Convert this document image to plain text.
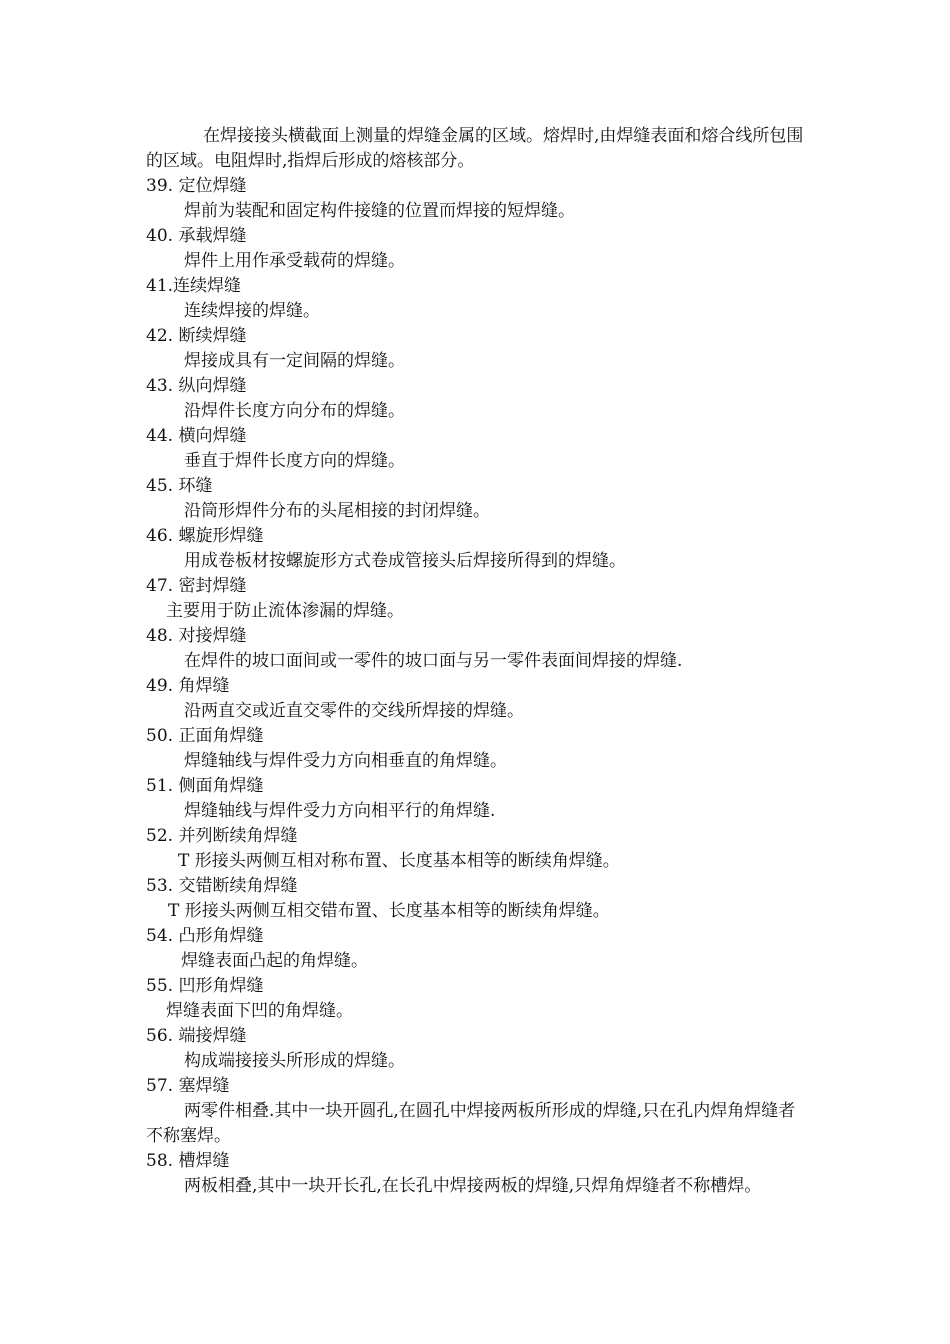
在焊接接头横截面上测量的焊缝金属的区域。熔焊时,由焊缝表面和熔合线所包围的区域。电阻焊时,指焊后形成的熔核部分。
39. 定位焊缝
焊前为装配和固定构件接缝的位置而焊接的短焊缝。
40. 承载焊缝
焊件上用作承受载荷的焊缝。
41.连续焊缝
连续焊接的焊缝。
42. 断续焊缝
焊接成具有一定间隔的焊缝。
43. 纵向焊缝
沿焊件长度方向分布的焊缝。
44. 横向焊缝
垂直于焊件长度方向的焊缝。
45. 环缝
沿筒形焊件分布的头尾相接的封闭焊缝。
46. 螺旋形焊缝
用成卷板材按螺旋形方式卷成管接头后焊接所得到的焊缝。
47. 密封焊缝
主要用于防止流体渗漏的焊缝。
48. 对接焊缝
在焊件的坡口面间或一零件的坡口面与另一零件表面间焊接的焊缝.
49. 角焊缝
沿两直交或近直交零件的交线所焊接的焊缝。
50. 正面角焊缝
焊缝轴线与焊件受力方向相垂直的角焊缝。
51. 侧面角焊缝
焊缝轴线与焊件受力方向相平行的角焊缝.
52. 并列断续角焊缝
T 形接头两侧互相对称布置、长度基本相等的断续角焊缝。
53. 交错断续角焊缝
T 形接头两侧互相交错布置、长度基本相等的断续角焊缝。
54. 凸形角焊缝
焊缝表面凸起的角焊缝。
55. 凹形角焊缝
焊缝表面下凹的角焊缝。
56. 端接焊缝
构成端接接头所形成的焊缝。
57. 塞焊缝
两零件相叠.其中一块开圆孔,在圆孔中焊接两板所形成的焊缝,只在孔内焊角焊缝者不称塞焊。
58. 槽焊缝
两板相叠,其中一块开长孔,在长孔中焊接两板的焊缝,只焊角焊缝者不称槽焊。
